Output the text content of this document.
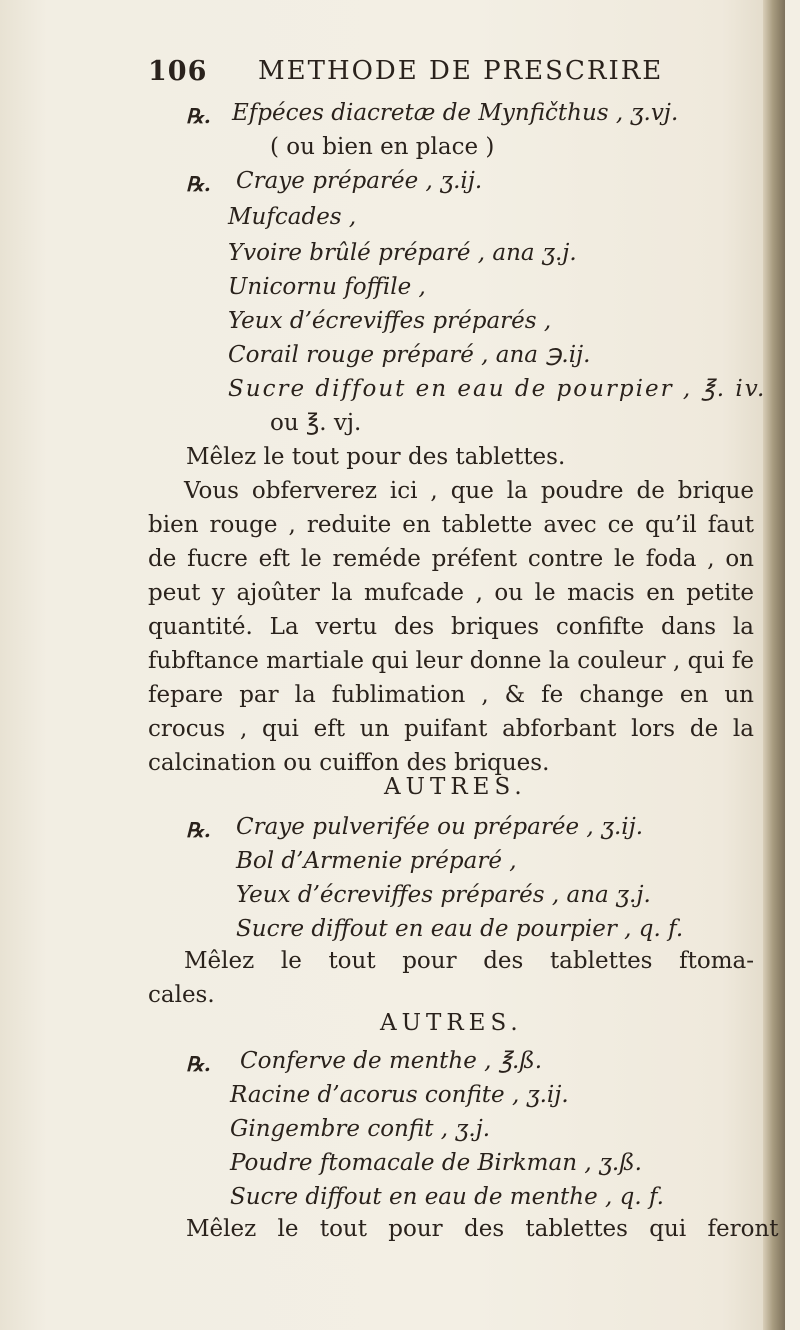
106 METHODE DE PRESCRIRE
℞. Efpéces diacretæ de Mynfičthus , ʒ.vj.
( ou bien en place )
℞. Craye préparée , ʒ.ij.
Mufcades ,
Yvoire brûlé préparé , ana ʒ.j.
Unicornu foffile ,
Yeux d’écreviffes préparés ,
Corail rouge préparé , ana ℈.ij.
Sucre diffout en eau de pourpier , ℥. iv.
ou ℥. vj.
Mêlez le tout pour des tablettes.
Vous obferverez ici , que la poudre de brique bien rouge , reduite en tablette avec ce qu’il faut de fucre eft le reméde préfent contre le foda , on peut y ajoûter la mufcade , ou le macis en petite quantité. La vertu des briques confifte dans la fubftance martiale qui leur donne la couleur , qui fe fepare par la fublimation , & fe change en un crocus , qui eft un puifant abforbant lors de la calcination ou cuiffon des briques.
AUTRES.
℞. Craye pulverifée ou préparée , ʒ.ij.
Bol d’Armenie préparé ,
Yeux d’écreviffes préparés , ana ʒ.j.
Sucre diffout en eau de pourpier , q. f.
Mêlez le tout pour des tablettes ftoma-cales.
AUTRES.
℞. Conferve de menthe , ℥.ß.
Racine d’acorus confite , ʒ.ij.
Gingembre confit , ʒ.j.
Poudre ftomacale de Birkman , ʒ.ß.
Sucre diffout en eau de menthe , q. f.
Mêlez le tout pour des tablettes qui feront
